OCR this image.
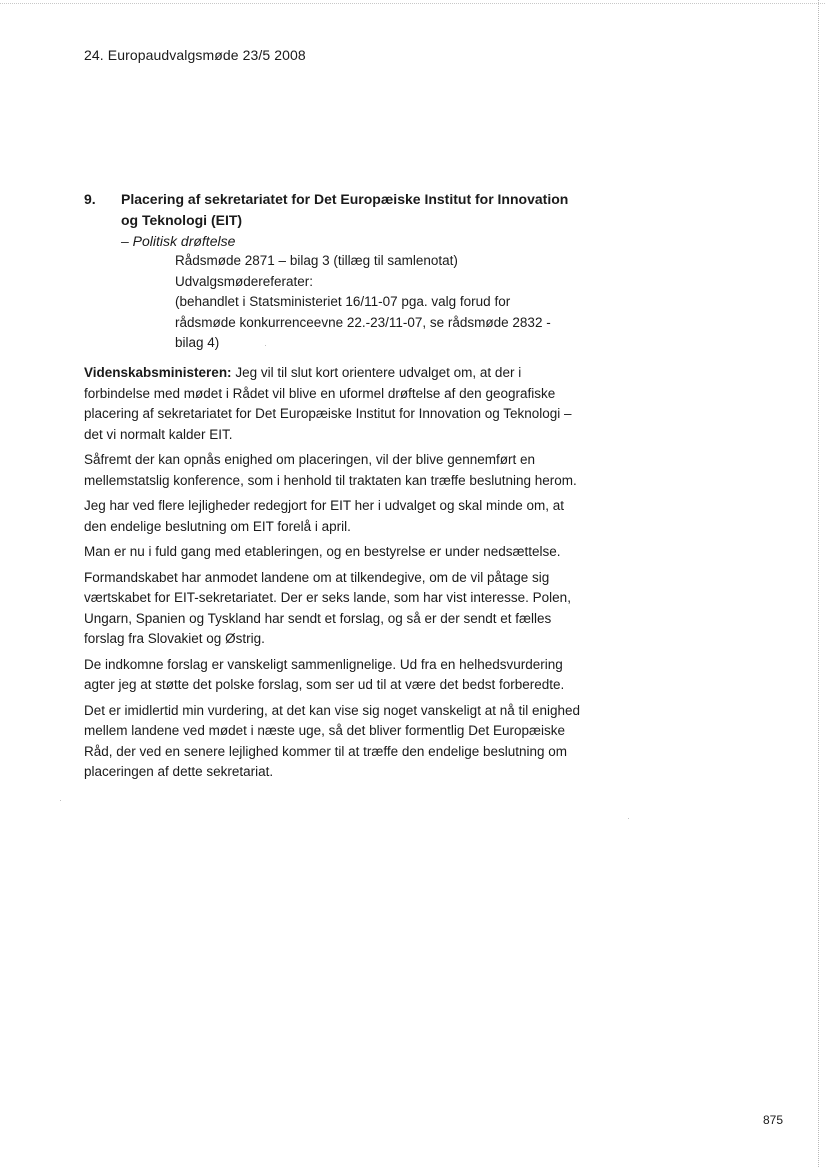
24. Europaudvalgsmøde 23/5 2008
9.	Placering af sekretariatet for Det Europæiske Institut for Innovation
og Teknologi (EIT)
– Politisk drøftelse
Rådsmøde 2871 – bilag 3 (tillæg til samlenotat)
Udvalgsmødereferater:
(behandlet i Statsministeriet 16/11-07 pga. valg forud for rådsmøde konkurrenceevne 22.-23/11-07, se rådsmøde 2832 - bilag 4)

Videnskabsministeren: Jeg vil til slut kort orientere udvalget om, at der i forbindelse med mødet i Rådet vil blive en uformel drøftelse af den geografiske placering af sekretariatet for Det Europæiske Institut for Innovation og Teknologi – det vi normalt kalder EIT.

Såfremt der kan opnås enighed om placeringen, vil der blive gennemført en mellemstatslig konference, som i henhold til traktaten kan træffe beslutning herom.

Jeg har ved flere lejligheder redegjort for EIT her i udvalget og skal minde om, at den endelige beslutning om EIT forelå i april.

Man er nu i fuld gang med etableringen, og en bestyrelse er under nedsættelse.

Formandskabet har anmodet landene om at tilkendegive, om de vil påtage sig værtskabet for EIT-sekretariatet. Der er seks lande, som har vist interesse. Polen, Ungarn, Spanien og Tyskland har sendt et forslag, og så er der sendt et fælles forslag fra Slovakiet og Østrig.

De indkomne forslag er vanskeligt sammenlignelige. Ud fra en helhedsvurdering agter jeg at støtte det polske forslag, som ser ud til at være det bedst forberedte.

Det er imidlertid min vurdering, at det kan vise sig noget vanskeligt at nå til enighed mellem landene ved mødet i næste uge, så det bliver formentlig Det Europæiske Råd, der ved en senere lejlighed kommer til at træffe den endelige beslutning om placeringen af dette sekretariat.

875
